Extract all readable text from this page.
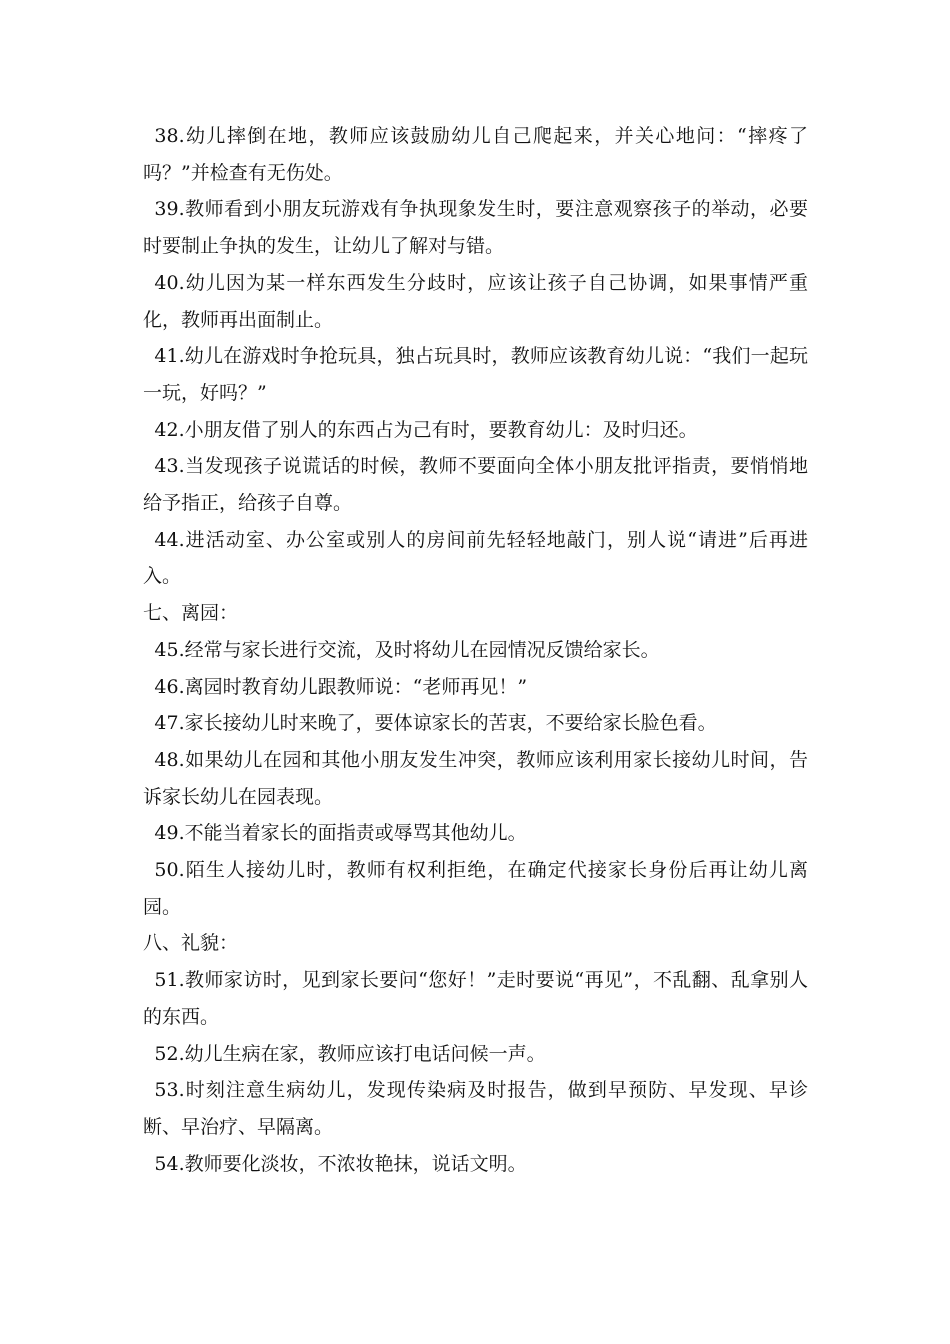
38.幼儿摔倒在地，教师应该鼓励幼儿自己爬起来，并关心地问：“摔疼了吗？”并检查有无伤处。

39.教师看到小朋友玩游戏有争执现象发生时，要注意观察孩子的举动，必要时要制止争执的发生，让幼儿了解对与错。

40.幼儿因为某一样东西发生分歧时，应该让孩子自己协调，如果事情严重化，教师再出面制止。

41.幼儿在游戏时争抢玩具，独占玩具时，教师应该教育幼儿说：“我们一起玩一玩，好吗？”

42.小朋友借了别人的东西占为己有时，要教育幼儿：及时归还。

43.当发现孩子说谎话的时候，教师不要面向全体小朋友批评指责，要悄悄地给予指正，给孩子自尊。

44.进活动室、办公室或别人的房间前先轻轻地敲门，别人说“请进”后再进入。

七、离园：

45.经常与家长进行交流，及时将幼儿在园情况反馈给家长。

46.离园时教育幼儿跟教师说：“老师再见！”

47.家长接幼儿时来晚了，要体谅家长的苦衷，不要给家长脸色看。

48.如果幼儿在园和其他小朋友发生冲突，教师应该利用家长接幼儿时间，告诉家长幼儿在园表现。

49.不能当着家长的面指责或辱骂其他幼儿。

50.陌生人接幼儿时，教师有权利拒绝，在确定代接家长身份后再让幼儿离园。

八、礼貌：

51.教师家访时，见到家长要问“您好！”走时要说“再见”，不乱翻、乱拿别人的东西。

52.幼儿生病在家，教师应该打电话问候一声。

53.时刻注意生病幼儿，发现传染病及时报告，做到早预防、早发现、早诊断、早治疗、早隔离。

54.教师要化淡妆，不浓妆艳抹，说话文明。
